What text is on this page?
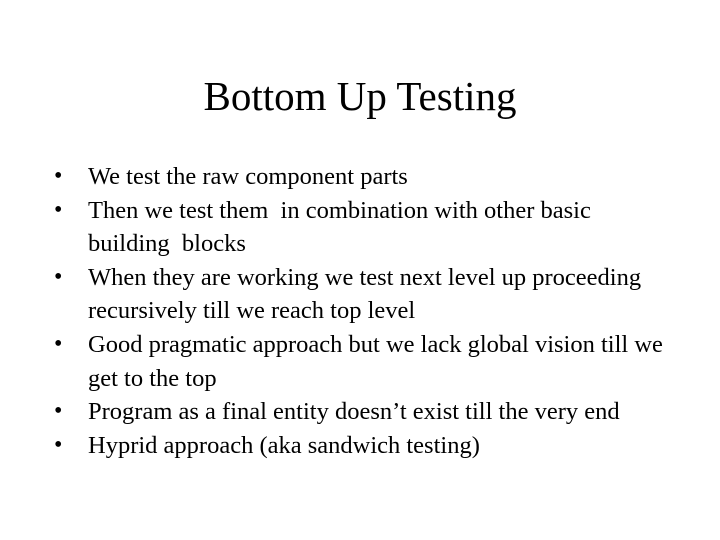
Bottom Up Testing
• We test the raw component parts
• Then we test them  in combination with other basic building  blocks
• When they are working we test next level up proceeding recursively till we reach top level
• Good pragmatic approach but we lack global vision till we get to the top
• Program as a final entity doesn’t exist till the very end
• Hyprid approach (aka sandwich testing)
